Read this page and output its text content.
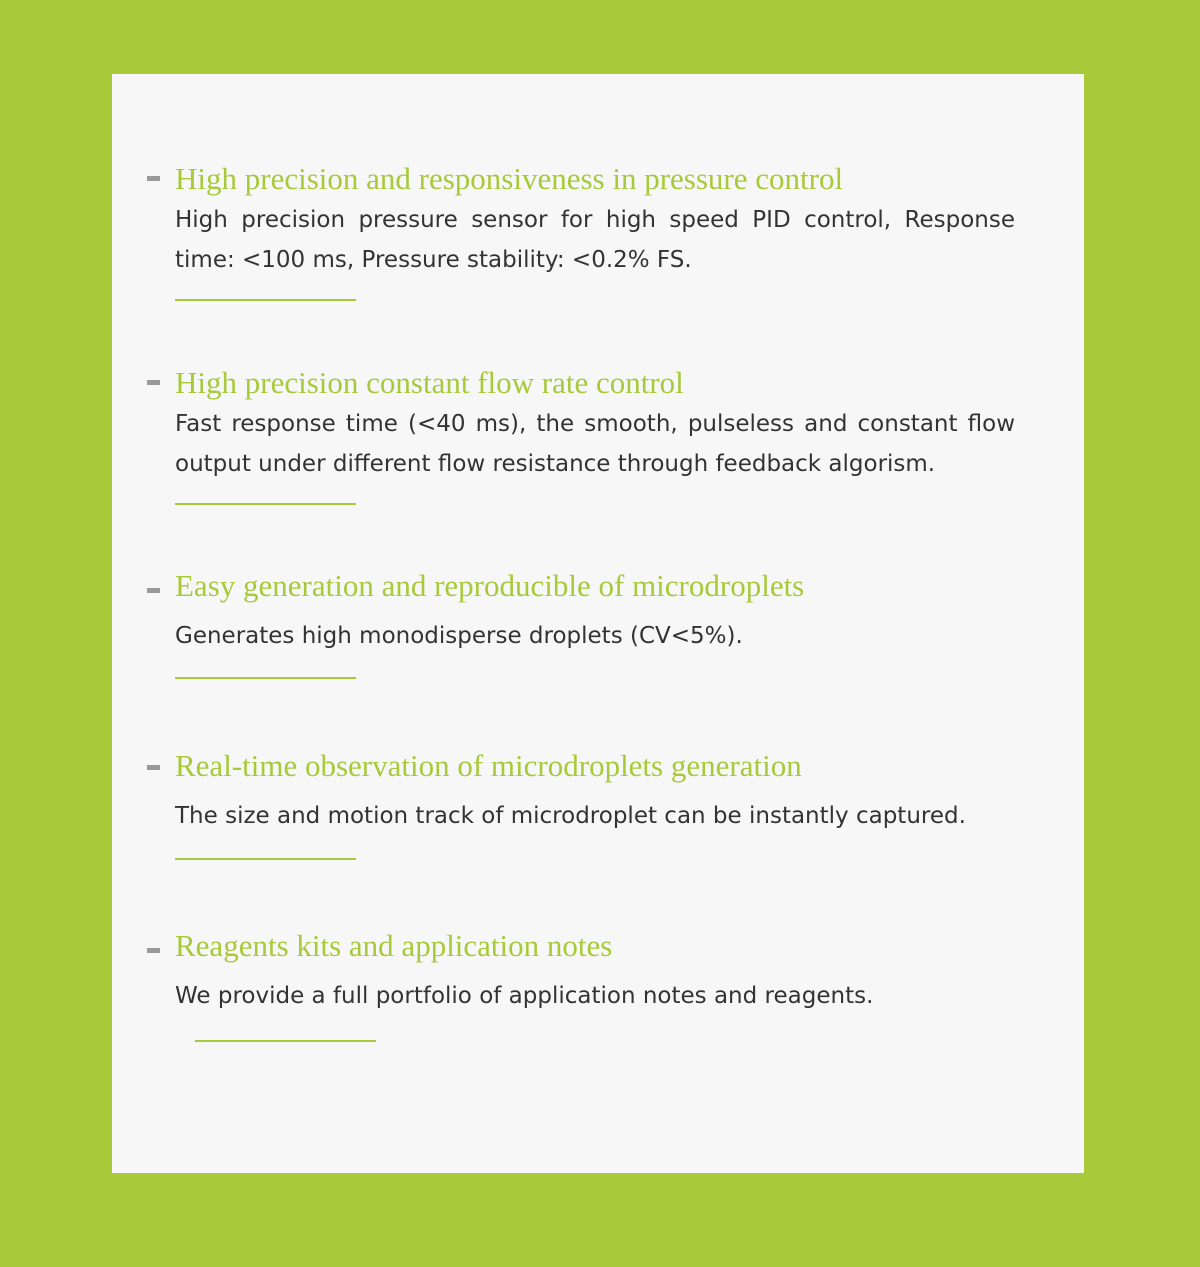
High precision and responsiveness in pressure control

High precision pressure sensor for high speed PID control, Response time: <100 ms, Pressure stability: <0.2% FS.

High precision constant flow rate control

Fast response time (<40 ms), the smooth, pulseless and constant flow output under different flow resistance through feedback algorism.

Easy generation and reproducible of microdroplets

Generates high monodisperse droplets (CV<5%).

Real-time observation of microdroplets generation

The size and motion track of microdroplet can be instantly captured.

Reagents kits and application notes

We provide a full portfolio of application notes and reagents.
